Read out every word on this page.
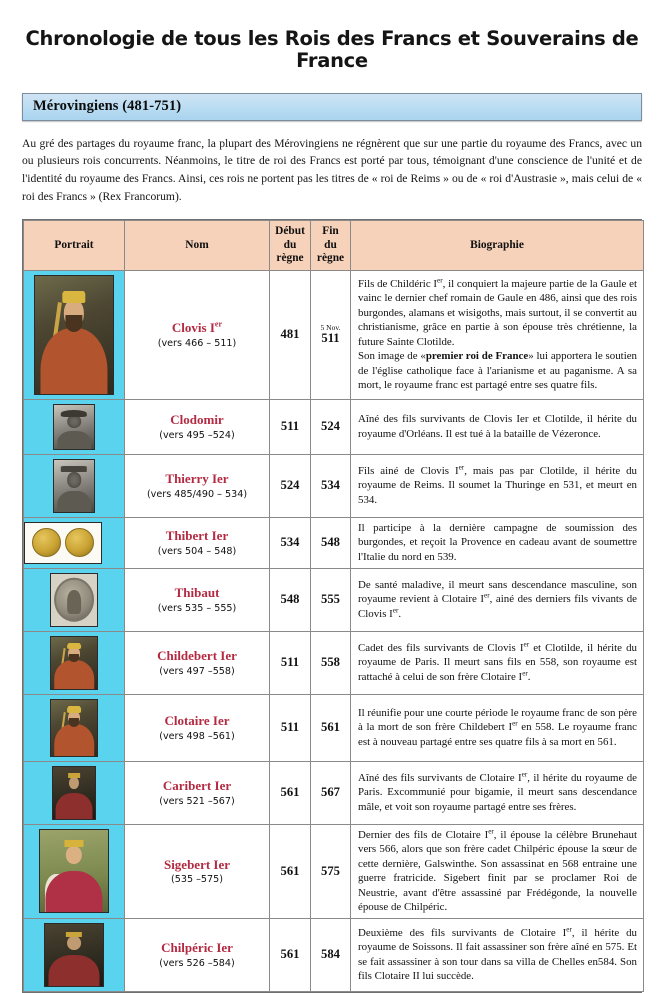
Chronologie de tous les Rois des Francs et Souverains de France
Mérovingiens (481-751)

Au gré des partages du royaume franc, la plupart des Mérovingiens ne régnèrent que sur une partie du royaume des Francs, avec un ou plusieurs rois concurrents. Néanmoins, le titre de roi des Francs est porté par tous, témoignant d'une conscience de l'unité et de l'identité du royaume des Francs. Ainsi, ces rois ne portent pas les titres de « roi de Reims » ou de « roi d'Austrasie », mais celui de « roi des Francs » (Rex Francorum).

Portrait	Nom	Début
du
règne	Fin
du
règne	Biographie

Clovis Ier
(vers 466 – 511)
	481	
5 Nov.
511	Fils de Childéric Ier, il conquiert la majeure partie de la Gaule et vainc le dernier chef romain de Gaule en 486, ainsi que des rois burgondes, alamans et wisigoths, mais surtout, il se convertit au christianisme, grâce en partie à son épouse très chrétienne, la future Sainte Clotilde.
Son image de «premier roi de France» lui apportera le soutien de l'église catholique face à l'arianisme et au paganisme. A sa mort, le royaume franc est partagé entre ses quatre fils.

	Clodomir
(vers 495 –524)	511	524	Aîné des fils survivants de Clovis Ier et Clotilde, il hérite du royaume d'Orléans. Il est tué à la bataille de Vézeronce.

	Thierry Ier
(vers 485/490 – 534)	524	534	Fils ainé de Clovis Ier, mais pas par Clotilde, il hérite du royaume de Reims. Il soumet la Thuringe en 531, et meurt en 534.

	Thibert Ier
(vers 504 – 548)	534	548	Il participe à la dernière campagne de soumission des burgondes, et reçoit la Provence en cadeau avant de soumettre l'Italie du nord en 539.

	Thibaut
(vers 535 – 555)	548	555	De santé maladive, il meurt sans descendance masculine, son royaume revient à Clotaire Ier, ainé des derniers fils vivants de Clovis Ier.

	Childebert Ier
(vers 497 –558)	511	558	Cadet des fils survivants de Clovis Ier et Clotilde, il hérite du royaume de Paris. Il meurt sans fils en 558, son royaume est rattaché à celui de son frère Clotaire Ier.

	Clotaire Ier
(vers 498 –561)	511	561	Il réunifie pour une courte période le royaume franc de son père à la mort de son frère Childebert Ier en 558. Le royaume franc est à nouveau partagé entre ses quatre fils à sa mort en 561.

	Caribert Ier
(vers 521 –567)	561	567	Aîné des fils survivants de Clotaire Ier, il hérite du royaume de Paris. Excommunié pour bigamie, il meurt sans descendance mâle, et voit son royaume partagé entre ses frères.

	Sigebert Ier
(535 –575)	561	575	Dernier des fils de Clotaire Ier, il épouse la célèbre Brunehaut vers 566, alors que son frère cadet Chilpéric épouse la sœur de cette dernière, Galswinthe. Son assassinat en 568 entraine une guerre fratricide. Sigebert finit par se proclamer Roi de Neustrie, avant d'être assassiné par Frédégonde, la nouvelle épouse de Chilpéric.

	Chilpéric Ier
(vers 526 –584)	561	584	Deuxième des fils survivants de Clotaire Ier, il hérite du royaume de Soissons. Il fait assassiner son frère aîné en 575. Et se fait assassiner à son tour dans sa villa de Chelles en584. Son fils Clotaire II lui succède.
